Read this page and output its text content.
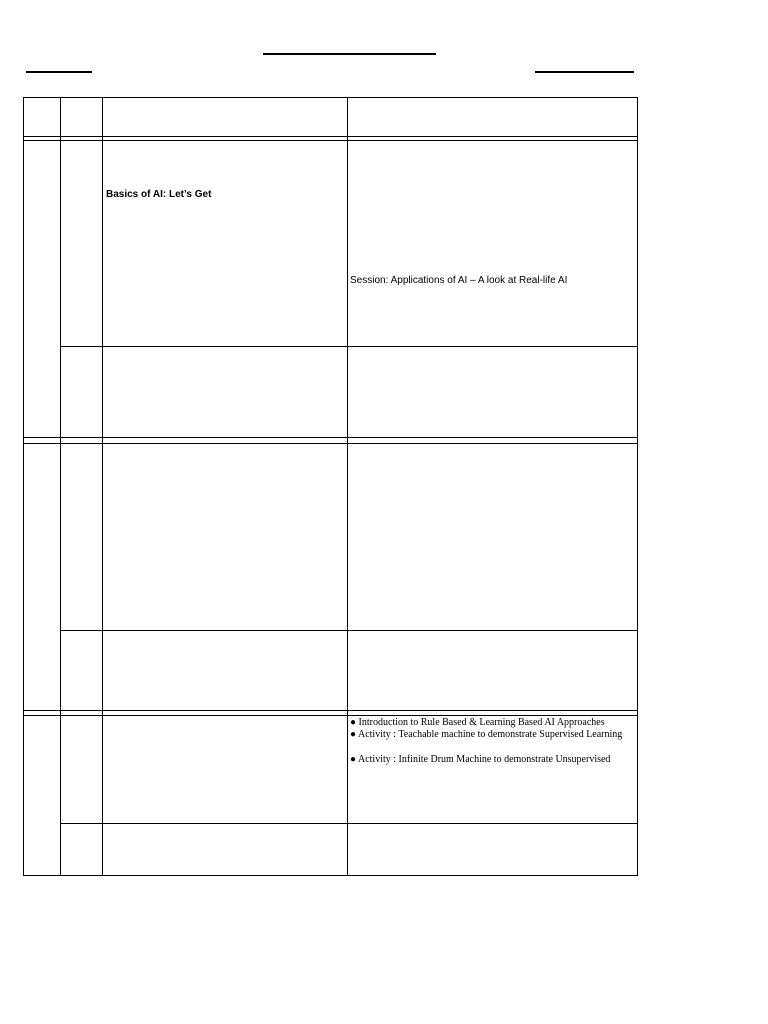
Basics of AI: Let’s Get
Session: Applications of AI – A look at Real-life AI
● Introduction to Rule Based & Learning Based AI Approaches
● Activity : Teachable machine to demonstrate Supervised Learning
● Activity : Infinite Drum Machine to demonstrate Unsupervised
